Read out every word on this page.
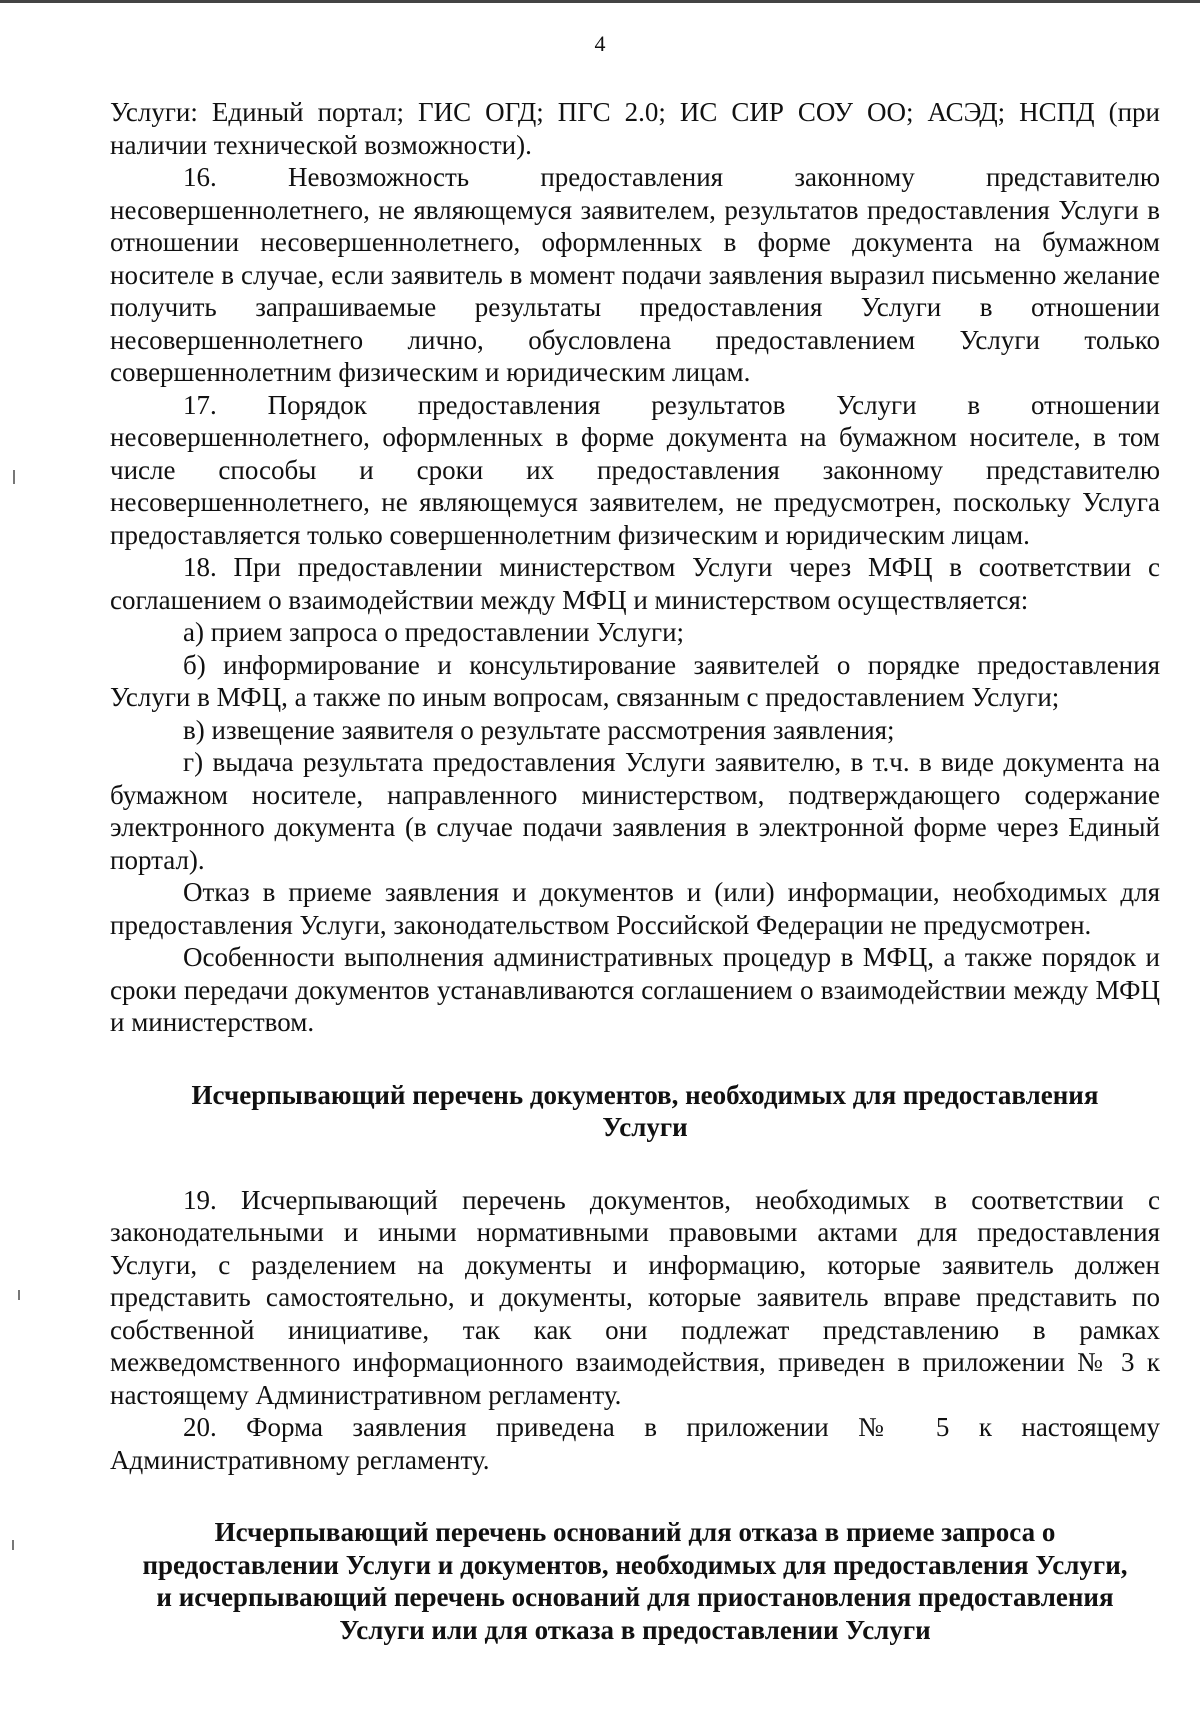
4

Услуги: Единый портал; ГИС ОГД; ПГС 2.0; ИС СИР СОУ ОО; АСЭД; НСПД (при наличии технической возможности).

16. Невозможность предоставления законному представителю несовершеннолетнего, не являющемуся заявителем, результатов предоставления Услуги в отношении несовершеннолетнего, оформленных в форме документа на бумажном носителе в случае, если заявитель в момент подачи заявления выразил письменно желание получить запрашиваемые результаты предоставления Услуги в отношении несовершеннолетнего лично, обусловлена предоставлением Услуги только совершеннолетним физическим и юридическим лицам.

17. Порядок предоставления результатов Услуги в отношении несовершеннолетнего, оформленных в форме документа на бумажном носителе, в том числе способы и сроки их предоставления законному представителю несовершеннолетнего, не являющемуся заявителем, не предусмотрен, поскольку Услуга предоставляется только совершеннолетним физическим и юридическим лицам.

18. При предоставлении министерством Услуги через МФЦ в соответствии с соглашением о взаимодействии между МФЦ и министерством осуществляется:

а) прием запроса о предоставлении Услуги;

б) информирование и консультирование заявителей о порядке предоставления Услуги в МФЦ, а также по иным вопросам, связанным с предоставлением Услуги;

в) извещение заявителя о результате рассмотрения заявления;

г) выдача результата предоставления Услуги заявителю, в т.ч. в виде документа на бумажном носителе, направленного министерством, подтверждающего содержание электронного документа (в случае подачи заявления в электронной форме через Единый портал).

Отказ в приеме заявления и документов и (или) информации, необходимых для предоставления Услуги, законодательством Российской Федерации не предусмотрен.

Особенности выполнения административных процедур в МФЦ, а также порядок и сроки передачи документов устанавливаются соглашением о взаимодействии между МФЦ и министерством.

Исчерпывающий перечень документов, необходимых для предоставления
Услуги

19. Исчерпывающий перечень документов, необходимых в соответствии с законодательными и иными нормативными правовыми актами для предоставления Услуги, с разделением на документы и информацию, которые заявитель должен представить самостоятельно, и документы, которые заявитель вправе представить по собственной инициативе, так как они подлежат представлению в рамках межведомственного информационного взаимодействия, приведен в приложении № 3 к настоящему Административном регламенту.

20. Форма заявления приведена в приложении № 5 к настоящему Административному регламенту.

Исчерпывающий перечень оснований для отказа в приеме запроса о
предоставлении Услуги и документов, необходимых для предоставления Услуги,
и исчерпывающий перечень оснований для приостановления предоставления
Услуги или для отказа в предоставлении Услуги
